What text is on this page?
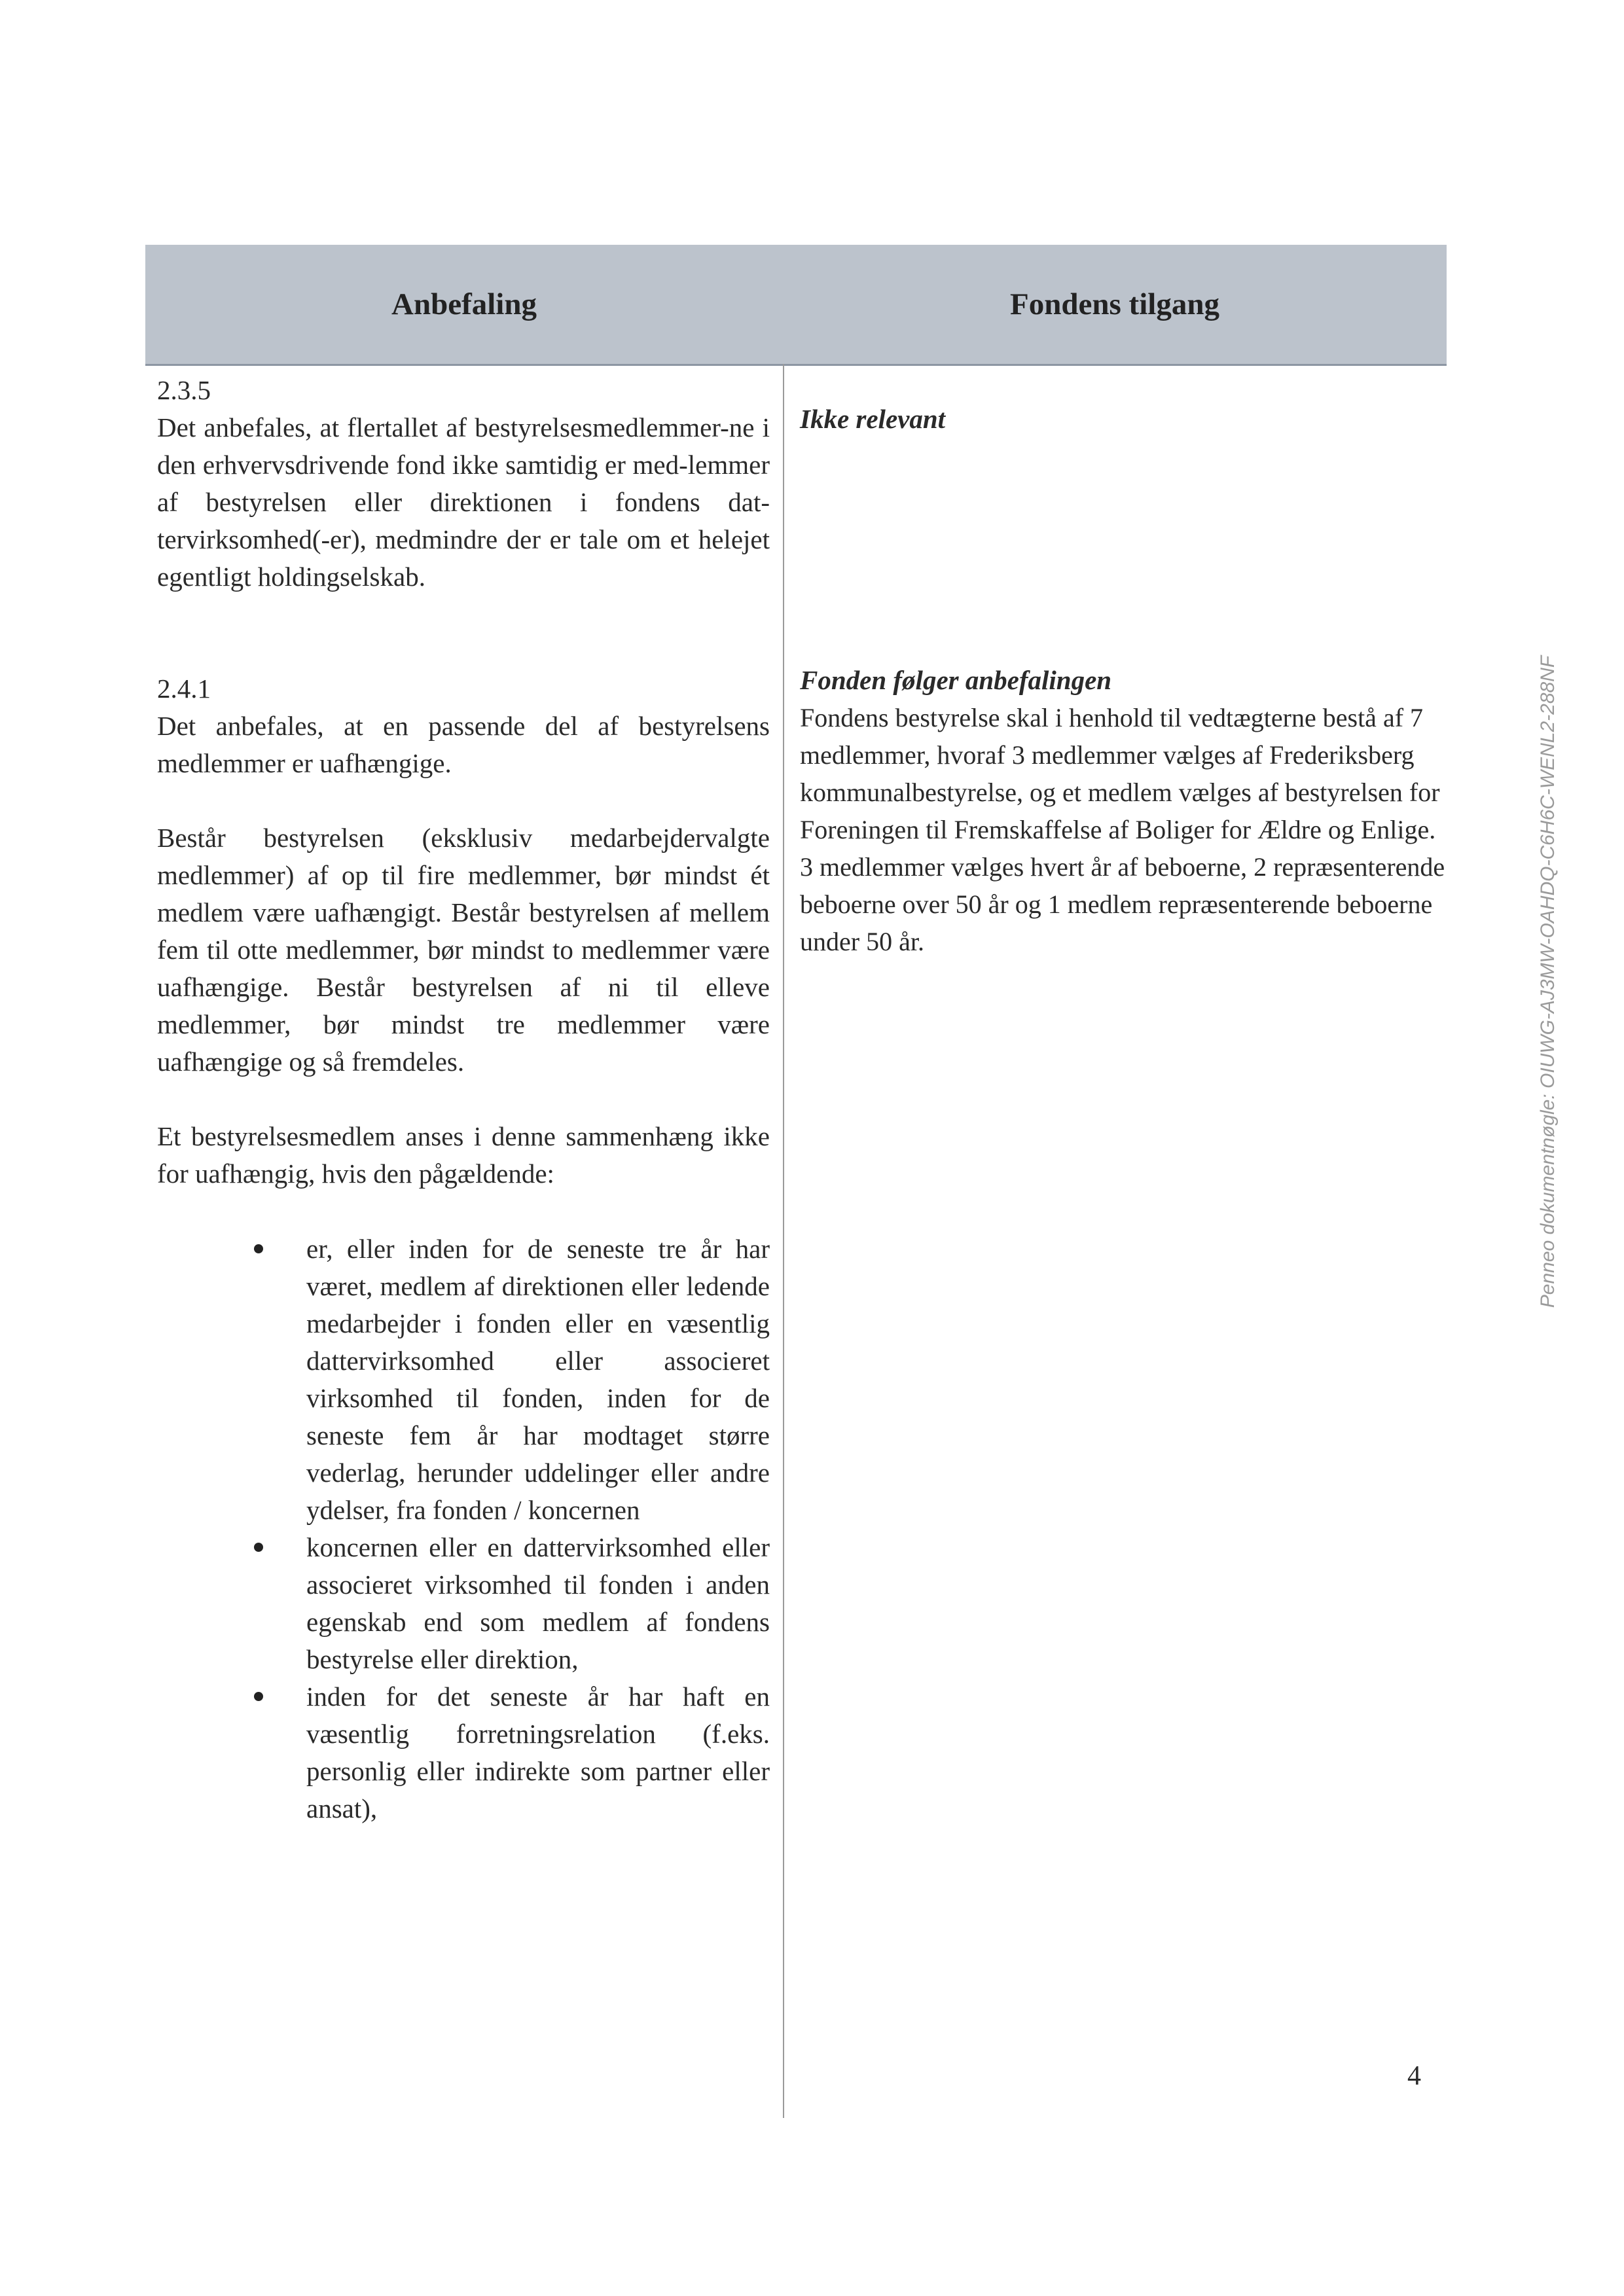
Anbefaling	Fondens tilgang

2.3.5

Det anbefales, at flertallet af bestyrelsesmedlemmer-ne i den erhvervsdrivende fond ikke samtidig er med-lemmer af bestyrelsen eller direktionen i fondens dat-tervirksomhed(-er), medmindre der er tale om et helejet egentligt holdingselskab.

2.4.1

Det anbefales, at en passende del af bestyrelsens medlemmer er uafhængige.

Består bestyrelsen (eksklusiv medarbejdervalgte medlemmer) af op til fire medlemmer, bør mindst ét medlem være uafhængigt. Består bestyrelsen af mellem fem til otte medlemmer, bør mindst to medlemmer være uafhængige. Består bestyrelsen af ni til elleve medlemmer, bør mindst tre medlemmer være uafhængige og så fremdeles.

Et bestyrelsesmedlem anses i denne sammenhæng ikke for uafhængig, hvis den pågældende:

er, eller inden for de seneste tre år har været, medlem af direktionen eller ledende medarbejder i fonden eller en væsentlig dattervirksomhed eller associeret virksomhed til fonden, inden for de seneste fem år har modtaget større vederlag, herunder uddelinger eller andre ydelser, fra fonden / koncernen
koncernen eller en dattervirksomhed eller associeret virksomhed til fonden i anden egenskab end som medlem af fondens bestyrelse eller direktion,
inden for det seneste år har haft en væsentlig forretningsrelation (f.eks. personlig eller indirekte som partner eller ansat),

Ikke relevant

Fonden følger anbefalingen

Fondens bestyrelse skal i henhold til vedtægterne bestå af 7 medlemmer, hvoraf 3 medlemmer vælges af Frederiksberg kommunalbestyrelse, og et medlem vælges af bestyrelsen for Foreningen til Fremskaffelse af Boliger for Ældre og Enlige. 3 medlemmer vælges hvert år af beboerne, 2 repræsenterende beboerne over 50 år og 1 medlem repræsenterende beboerne under 50 år.

4
Penneo dokumentnøgle: OIUWG-AJ3MW-OAHDQ-C6H6C-WENL2-288NF
